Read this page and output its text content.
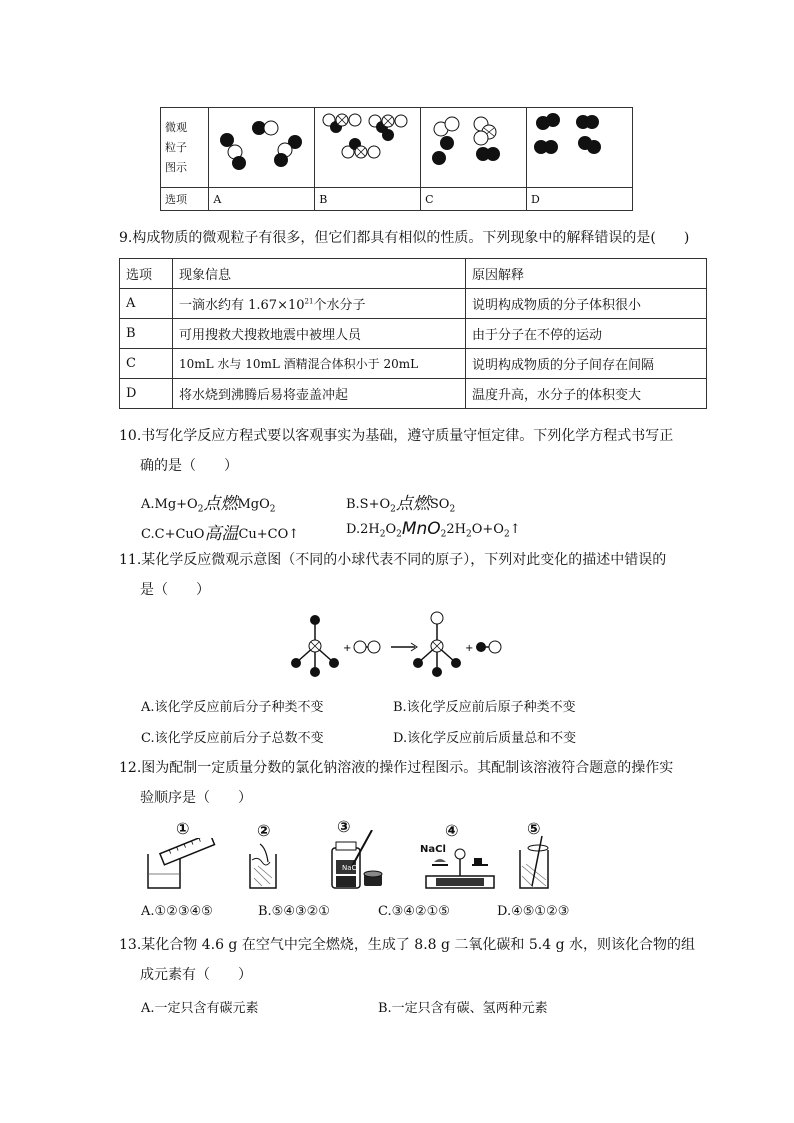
微观
粒子
图示				
选项	A	B	C	D
9.构成物质的微观粒子有很多，但它们都具有相似的性质。下列现象中的解释错误的是(　　)
选项	现象信息	原因解释
A	一滴水约有 $1.67\times 10^{21}$个水分子	说明构成物质的分子体积很小
B	可用搜救犬搜救地震中被埋人员	由于分子在不停的运动
C	10mL 水与 10mL 酒精混合体积小于 20mL	说明构成物质的分子间存在间隔
D	将水烧到沸腾后易将壶盖冲起	温度升高，水分子的体积变大
10.书写化学反应方程式要以客观事实为基础，遵守质量守恒定律。下列化学方程式书写正
确的是（　　）
$A.Mg+O_2$点燃MgO$_2$	$B.S+O_2$点燃$SO_2$
C.C+CuO高温Cu+CO↑	$D.2H_2O_2MnO_22H_2O+O_2↑$
11.某化学反应微观示意图（不同的小球代表不同的原子），下列对此变化的描述中错误的
是（　　）
+	+
A.该化学反应前后分子种类不变	B.该化学反应前后原子种类不变
C.该化学反应前后分子总数不变	D.该化学反应前后质量总和不变
12.图为配制一定质量分数的氯化钠溶液的操作过程图示。其配制该溶液符合题意的操作实
验顺序是（　　）
①	②	③	④	⑤
NaCl
NaCl
A.①②③④⑤	B.⑤④③②①	C.③④②①⑤	D.④⑤①②③
13.某化合物 4.6 g 在空气中完全燃烧，生成了 8.8 g 二氧化碳和 5.4 g 水，则该化合物的组
成元素有（　　）
A.一定只含有碳元素	B.一定只含有碳、氢两种元素
